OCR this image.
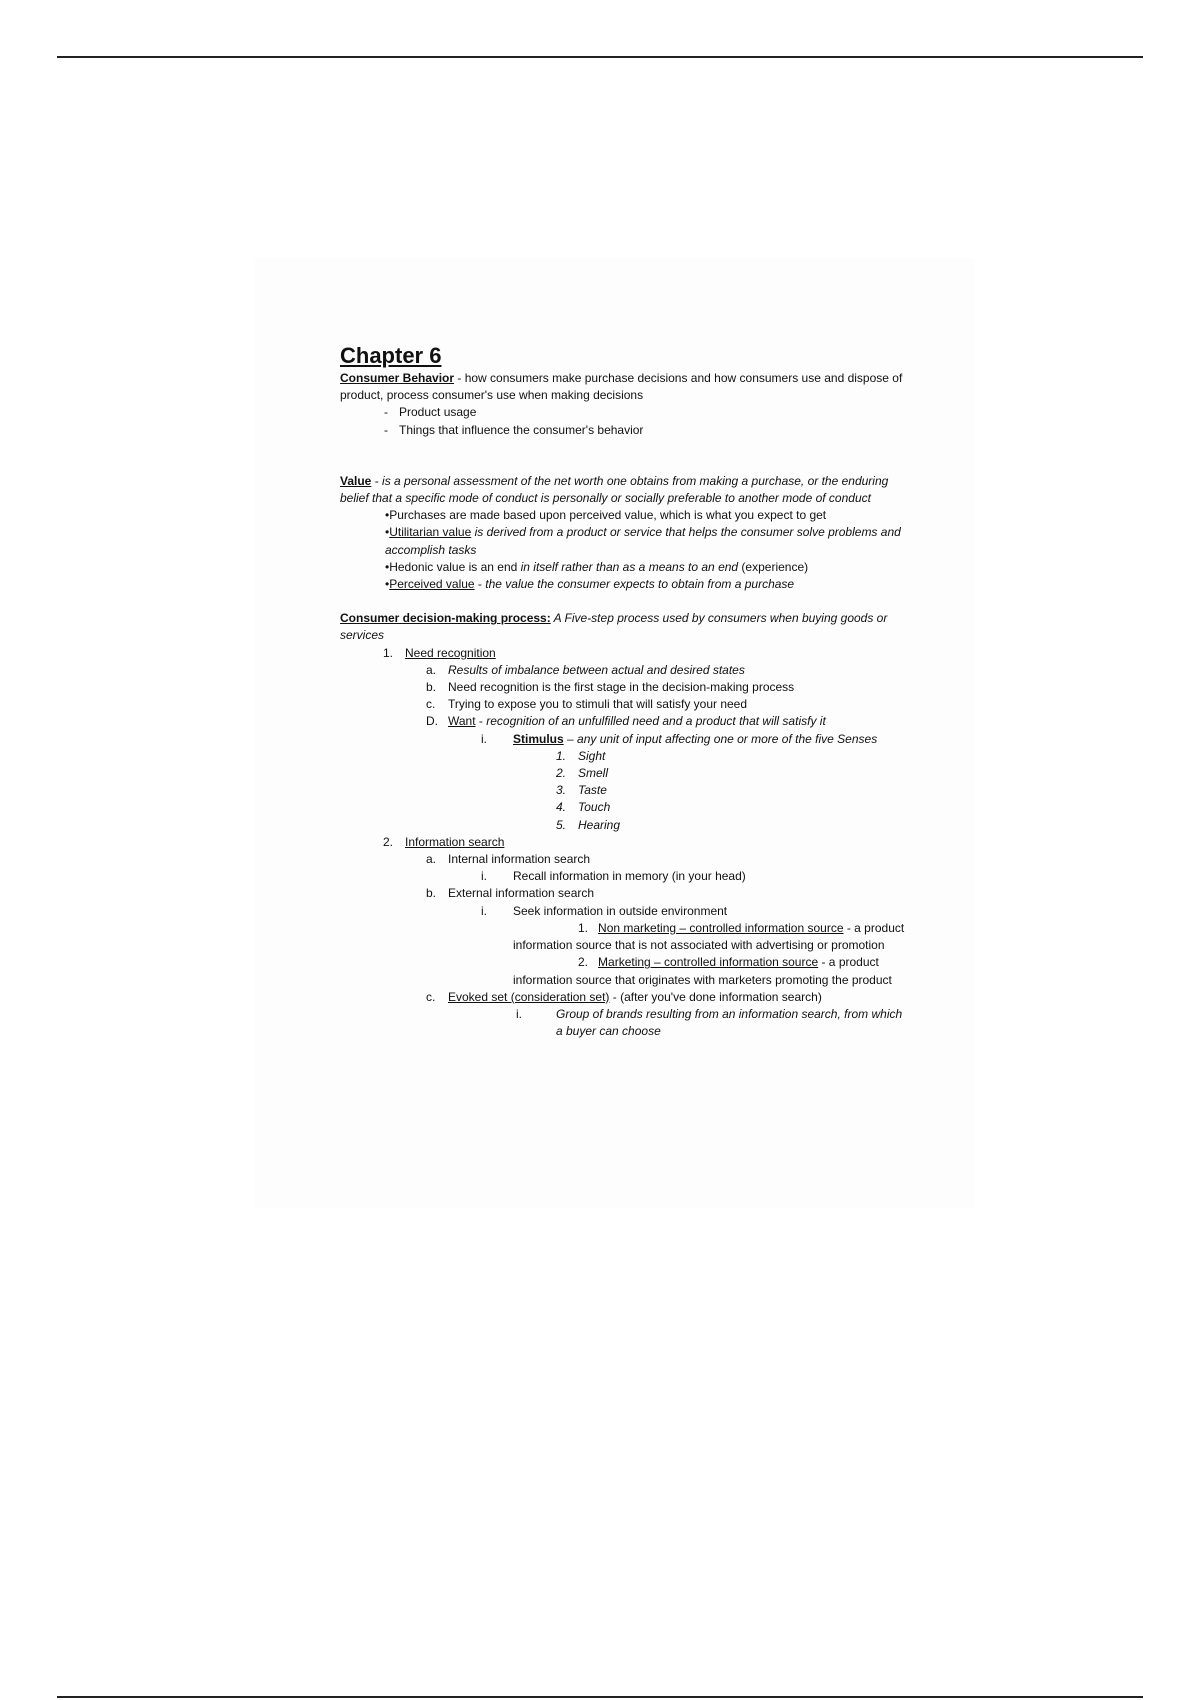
Chapter 6

Consumer Behavior - how consumers make purchase decisions and how consumers use and dispose of product, process consumer's use when making decisions

- Product usage
- Things that influence the consumer's behavior

Value - is a personal assessment of the net worth one obtains from making a purchase, or the enduring belief that a specific mode of conduct is personally or socially preferable to another mode of conduct

•Purchases are made based upon perceived value, which is what you expect to get
•Utilitarian value is derived from a product or service that helps the consumer solve problems and accomplish tasks
•Hedonic value is an end in itself rather than as a means to an end (experience)
•Perceived value - the value the consumer expects to obtain from a purchase

Consumer decision-making process: A Five-step process used by consumers when buying goods or services

1. Need recognition
a. Results of imbalance between actual and desired states
b. Need recognition is the first stage in the decision-making process
c. Trying to expose you to stimuli that will satisfy your need
D. Want - recognition of an unfulfilled need and a product that will satisfy it
i. Stimulus – any unit of input affecting one or more of the five Senses
1. Sight
2. Smell
3. Taste
4. Touch
5. Hearing
2. Information search
a. Internal information search
i. Recall information in memory (in your head)
b. External information search
i. Seek information in outside environment
1. Non marketing – controlled information source - a product information source that is not associated with advertising or promotion
2. Marketing – controlled information source - a product information source that originates with marketers promoting the product
c. Evoked set (consideration set) - (after you've done information search)
i.	Group of brands resulting from an information search, from which a buyer can choose
